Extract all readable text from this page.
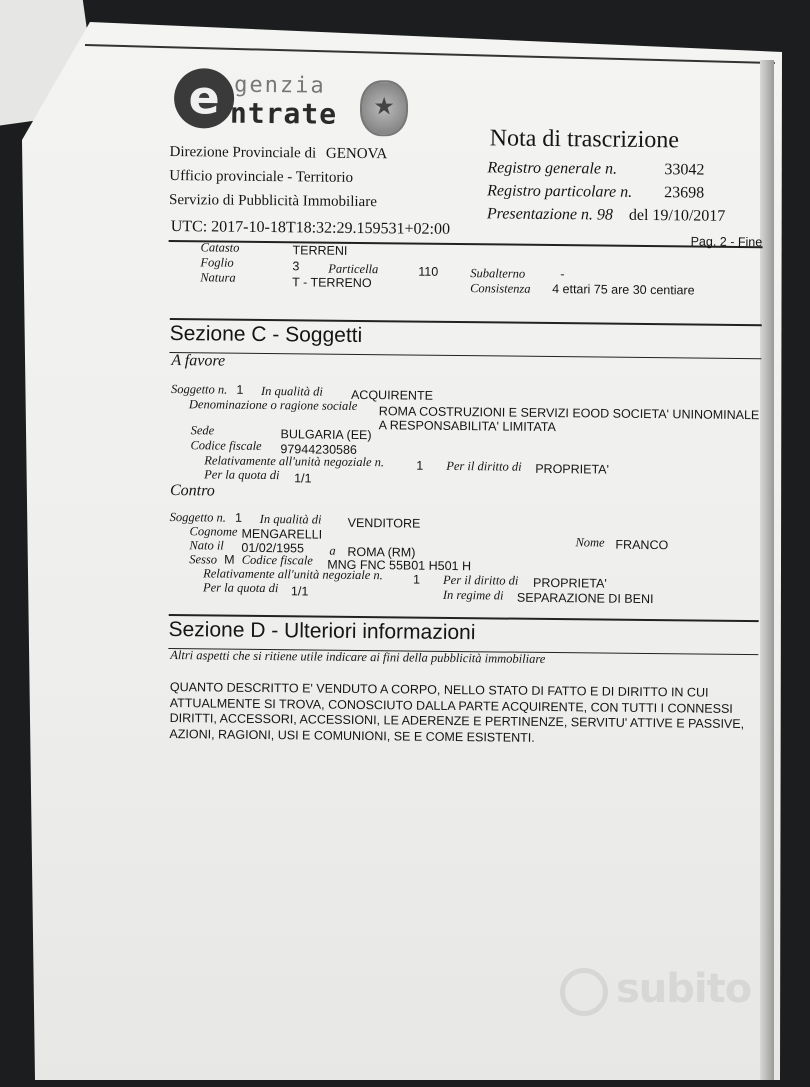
e genzia
ntrate	★
Direzione Provinciale di GENOVA
Ufficio provinciale - Territorio
Servizio di Pubblicità Immobiliare
Nota di trascrizione
Registro generale n.	33042
Registro particolare n. 23698
Presentazione n. 98 del 19/10/2017
UTC: 2017-10-18T18:32:29.159531+02:00
Pag. 2 - Fine
Catasto	TERRENI
Foglio	3 Particella	110	Subalterno	-
Natura	T - TERRENO	Consistenza 4 ettari 75 are 30 centiare
Sezione C - Soggetti
A favore
Soggetto n. 1 In qualità di ACQUIRENTE
Denominazione o ragione sociale ROMA COSTRUZIONI E SERVIZI EOOD SOCIETA' UNINOMINALE
A RESPONSABILITA' LIMITATA
Sede	BULGARIA (EE)
Codice fiscale 97944230586
Relativamente all'unità negoziale n.	1 Per il diritto di PROPRIETA'
Per la quota di 1/1
Contro
Soggetto n. 1 In qualità di VENDITORE
Cognome MENGARELLI
Nome FRANCO
Nato il 01/02/1955 a ROMA (RM)
Sesso M Codice fiscale MNG FNC 55B01 H501 H
Relativamente all'unità negoziale n. 1 Per il diritto di PROPRIETA'
Per la quota di 1/1	In regime di SEPARAZIONE DI BENI
Sezione D - Ulteriori informazioni
Altri aspetti che si ritiene utile indicare ai fini della pubblicità immobiliare
QUANTO DESCRITTO E' VENDUTO A CORPO, NELLO STATO DI FATTO E DI DIRITTO IN CUI ATTUALMENTE SI TROVA, CONOSCIUTO DALLA PARTE ACQUIRENTE, CON TUTTI I CONNESSI DIRITTI, ACCESSORI, ACCESSIONI, LE ADERENZE E PERTINENZE, SERVITU' ATTIVE E PASSIVE, AZIONI, RAGIONI, USI E COMUNIONI, SE E COME ESISTENTI.
subito
